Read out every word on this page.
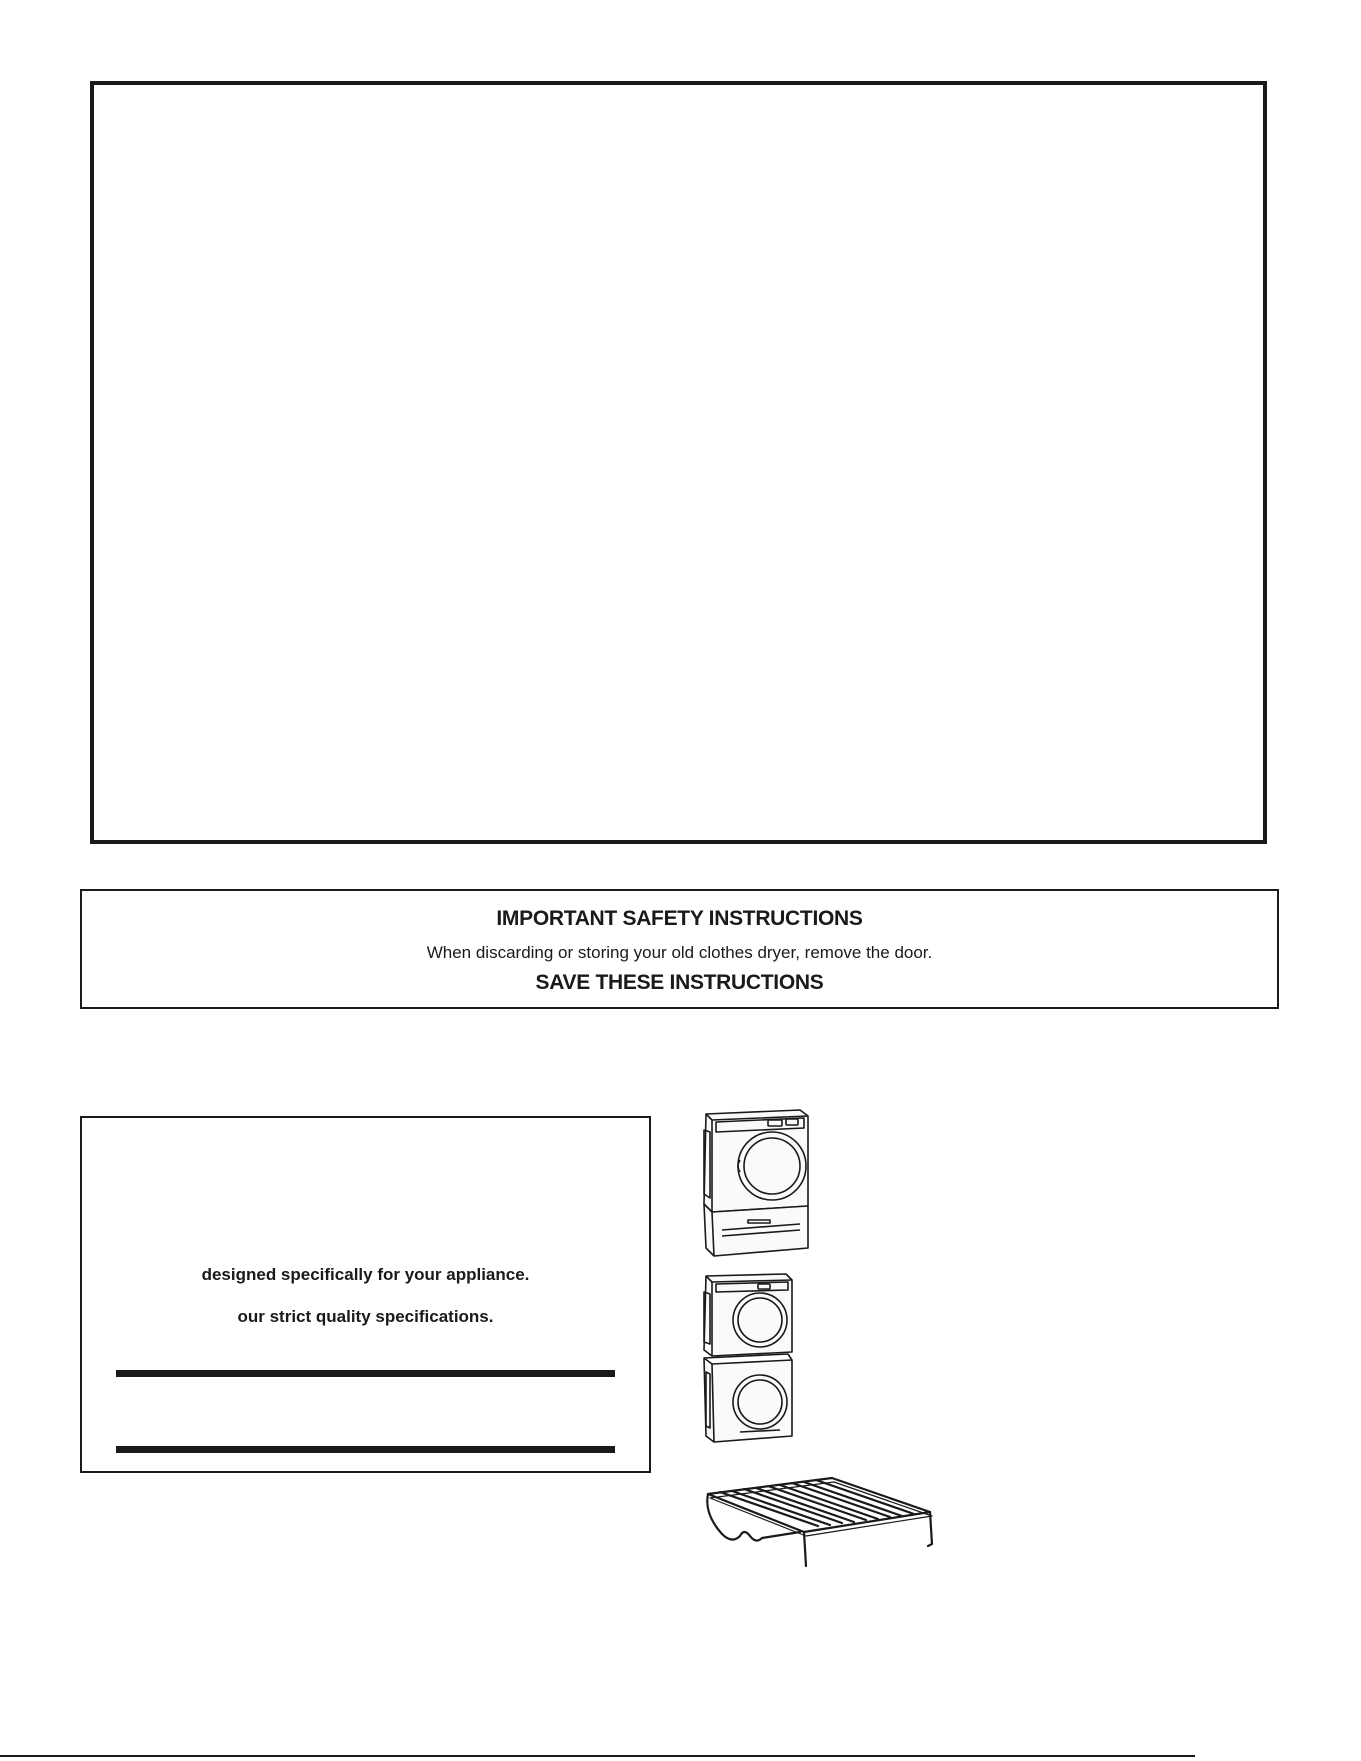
IMPORTANT SAFETY INSTRUCTIONS
When discarding or storing your old clothes dryer, remove the door.
SAVE THESE INSTRUCTIONS
designed specifically for your appliance.
our strict quality specifications.
